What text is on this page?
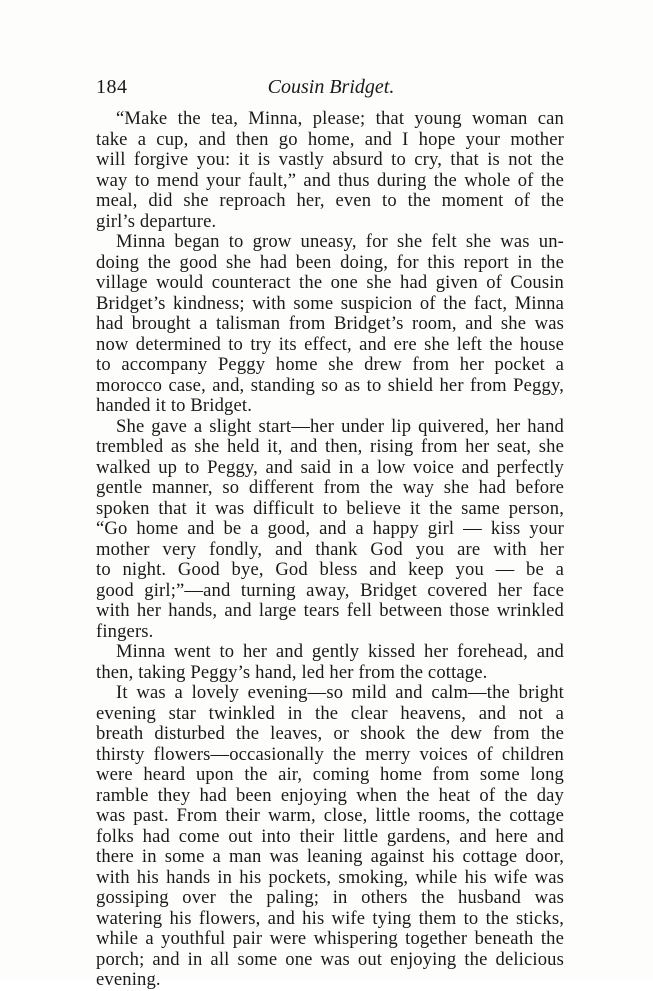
184	Cousin Bridget.
“Make the tea, Minna, please; that young woman can
take a cup, and then go home, and I hope your mother
will forgive you: it is vastly absurd to cry, that is not the
way to mend your fault,” and thus during the whole of the
meal, did she reproach her, even to the moment of the
girl’s departure.
Minna began to grow uneasy, for she felt she was un-
doing the good she had been doing, for this report in the
village would counteract the one she had given of Cousin
Bridget’s kindness; with some suspicion of the fact, Minna
had brought a talisman from Bridget’s room, and she was
now determined to try its effect, and ere she left the house
to accompany Peggy home she drew from her pocket a
morocco case, and, standing so as to shield her from Peggy,
handed it to Bridget.
She gave a slight start—her under lip quivered, her hand
trembled as she held it, and then, rising from her seat, she
walked up to Peggy, and said in a low voice and perfectly
gentle manner, so different from the way she had before
spoken that it was difficult to believe it the same person,
“Go home and be a good, and a happy girl — kiss your
mother very fondly, and thank God you are with her
to night. Good bye, God bless and keep you — be a
good girl;”—and turning away, Bridget covered her face
with her hands, and large tears fell between those wrinkled
fingers.
Minna went to her and gently kissed her forehead, and
then, taking Peggy’s hand, led her from the cottage.
It was a lovely evening—so mild and calm—the bright
evening star twinkled in the clear heavens, and not a
breath disturbed the leaves, or shook the dew from the
thirsty flowers—occasionally the merry voices of children
were heard upon the air, coming home from some long
ramble they had been enjoying when the heat of the day
was past. From their warm, close, little rooms, the cottage
folks had come out into their little gardens, and here and
there in some a man was leaning against his cottage door,
with his hands in his pockets, smoking, while his wife was
gossiping over the paling; in others the husband was
watering his flowers, and his wife tying them to the sticks,
while a youthful pair were whispering together beneath the
porch; and in all some one was out enjoying the delicious
evening.
